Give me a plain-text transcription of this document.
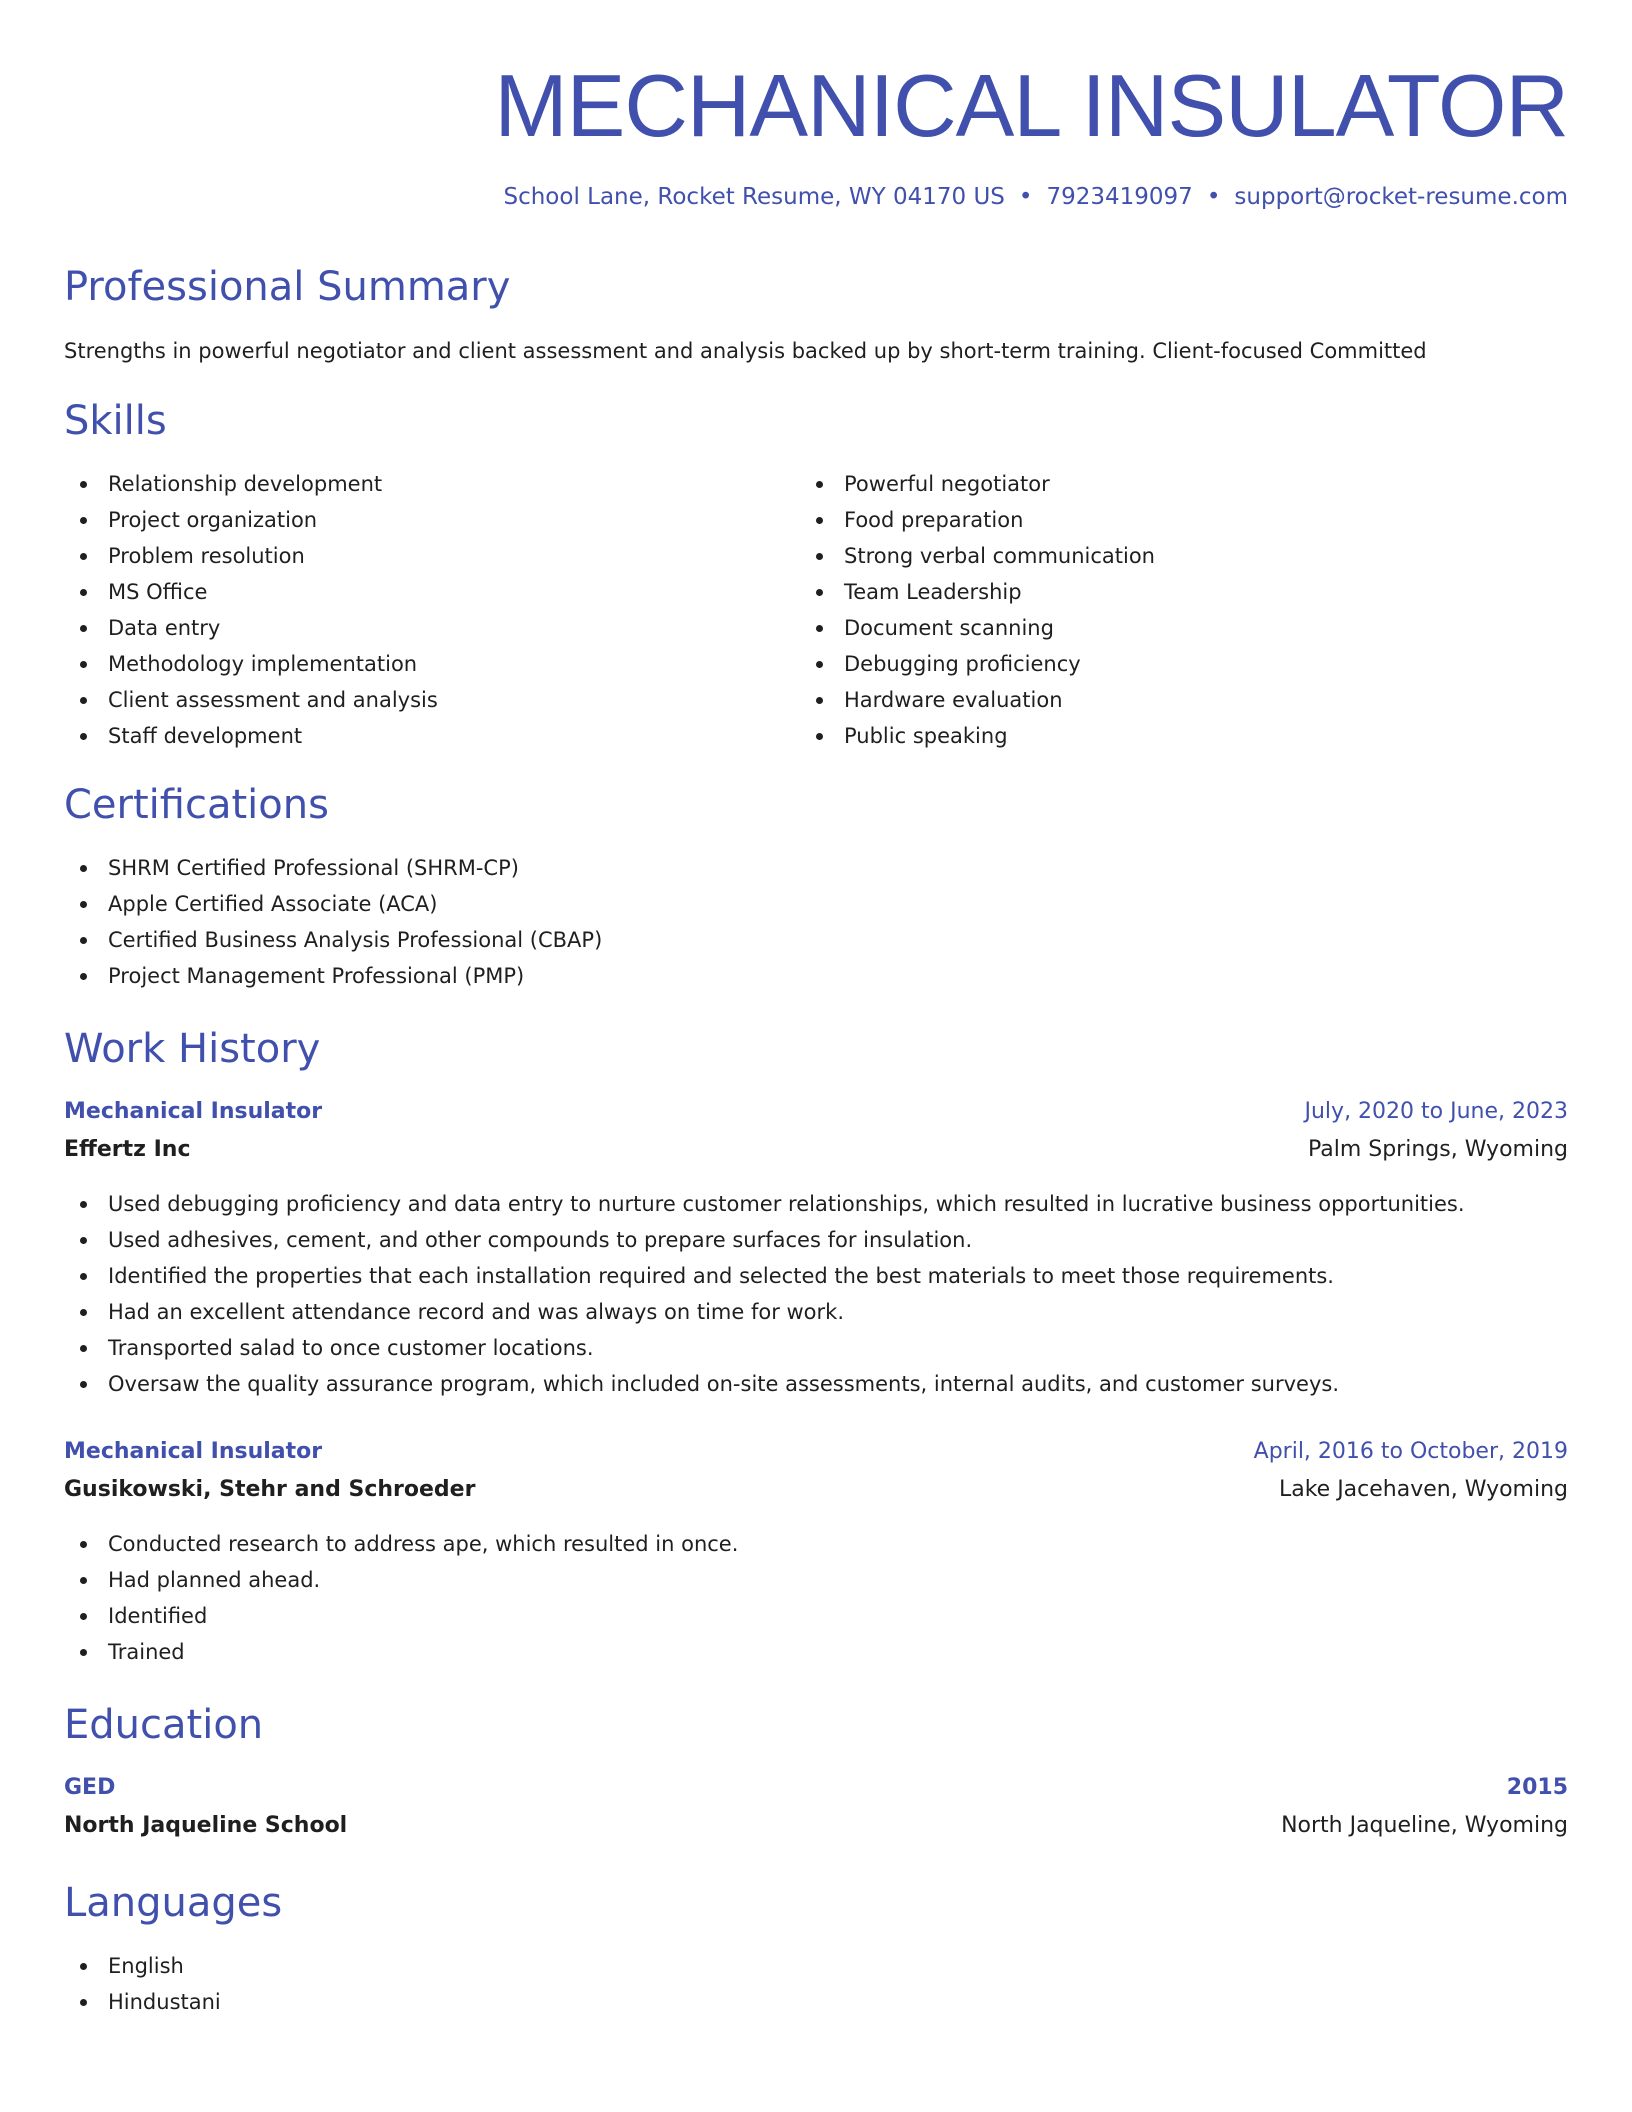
MECHANICAL INSULATOR
School Lane, Rocket Resume, WY 04170 US • 7923419097 • support@rocket-resume.com
Professional Summary
Strengths in powerful negotiator and client assessment and analysis backed up by short-term training. Client-focused Committed
Skills
Relationship development
Project organization
Problem resolution
MS Office
Data entry
Methodology implementation
Client assessment and analysis
Staff development
Powerful negotiator
Food preparation
Strong verbal communication
Team Leadership
Document scanning
Debugging proficiency
Hardware evaluation
Public speaking
Certifications
SHRM Certified Professional (SHRM-CP)
Apple Certified Associate (ACA)
Certified Business Analysis Professional (CBAP)
Project Management Professional (PMP)
Work History
Mechanical Insulator	July, 2020 to June, 2023
Effertz Inc	Palm Springs, Wyoming
Used debugging proficiency and data entry to nurture customer relationships, which resulted in lucrative business opportunities.
Used adhesives, cement, and other compounds to prepare surfaces for insulation.
Identified the properties that each installation required and selected the best materials to meet those requirements.
Had an excellent attendance record and was always on time for work.
Transported salad to once customer locations.
Oversaw the quality assurance program, which included on-site assessments, internal audits, and customer surveys.
Mechanical Insulator	April, 2016 to October, 2019
Gusikowski, Stehr and Schroeder	Lake Jacehaven, Wyoming
Conducted research to address ape, which resulted in once.
Had planned ahead.
Identified
Trained
Education
GED	2015
North Jaqueline School	North Jaqueline, Wyoming
Languages
English
Hindustani
